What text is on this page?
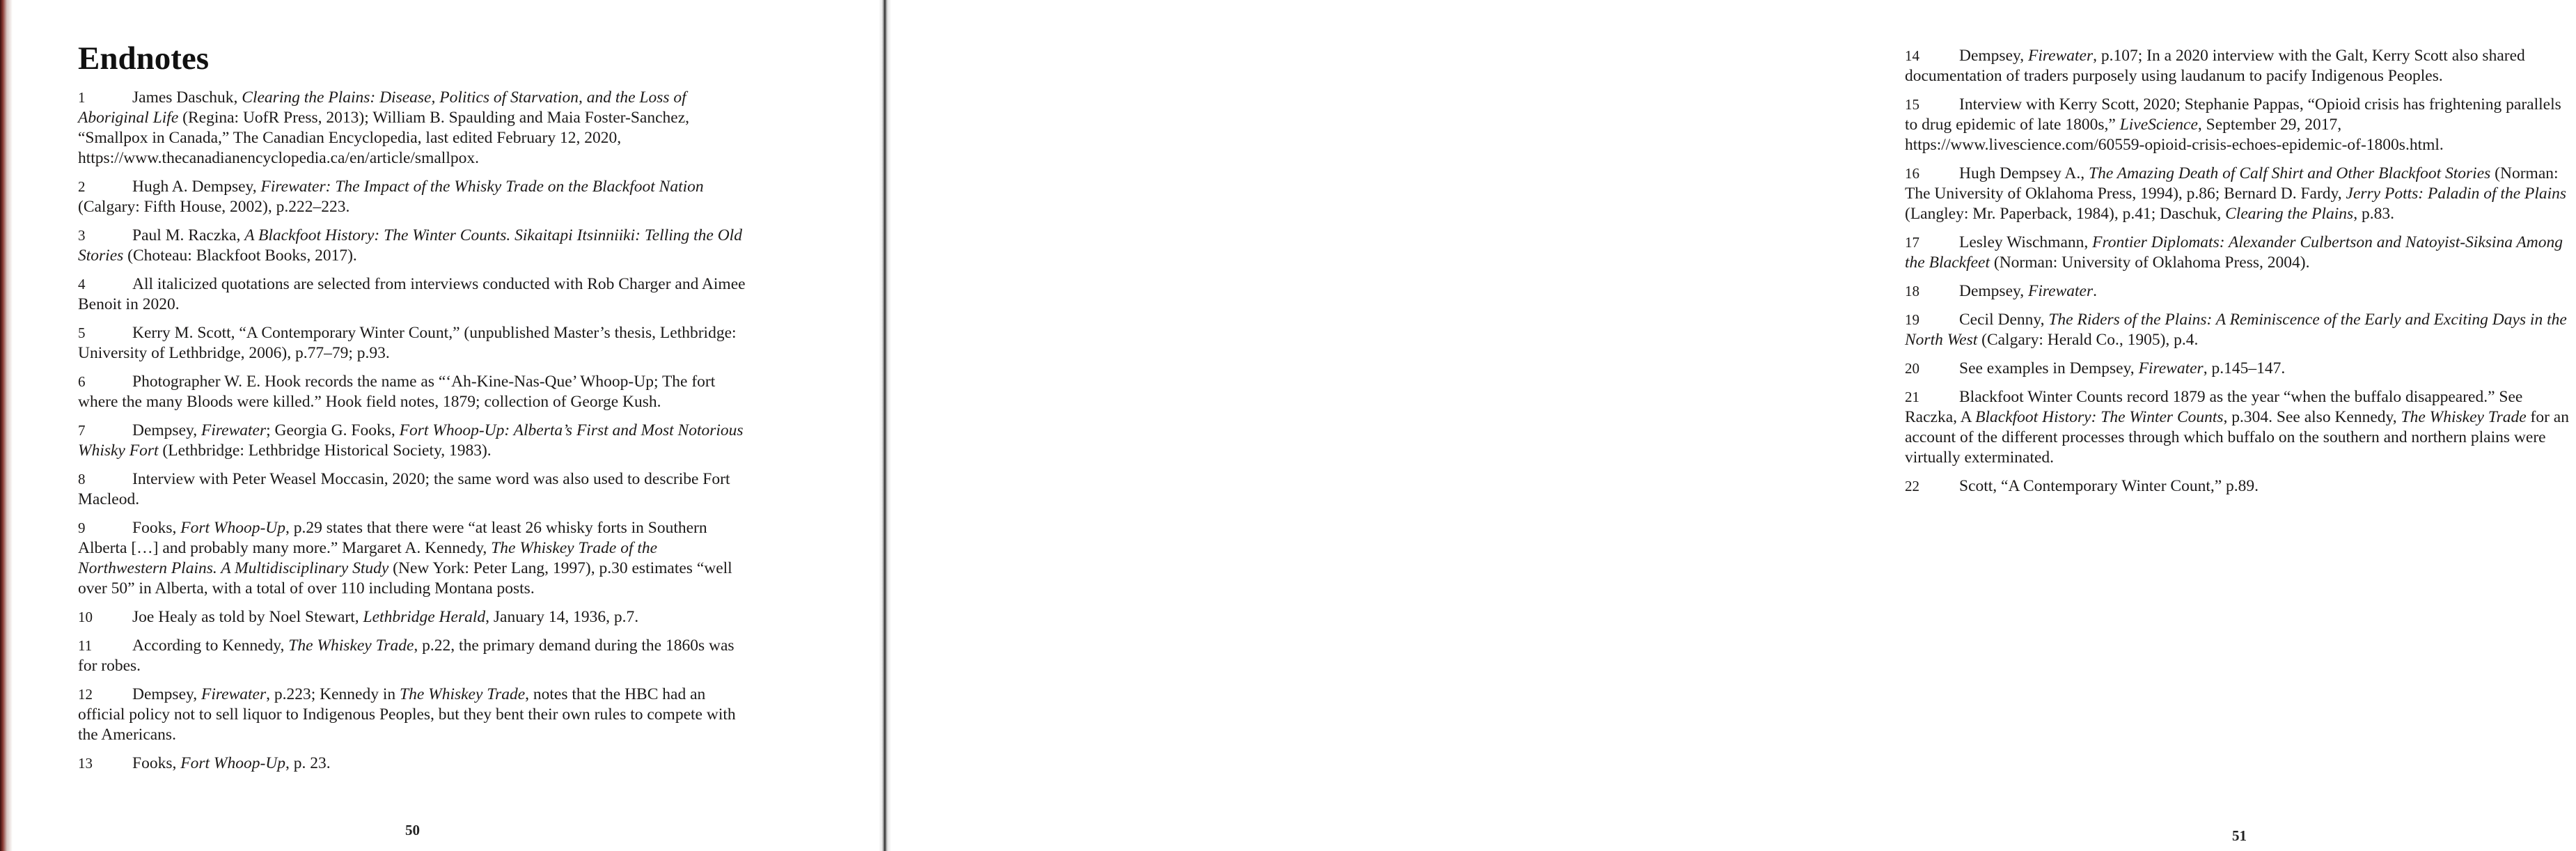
Endnotes

1	James Daschuk, Clearing the Plains: Disease, Politics of Starvation, and the Loss of Aboriginal Life (Regina: UofR Press, 2013); William B. Spaulding and Maia Foster-Sanchez, “Smallpox in Canada,” The Canadian Encyclopedia, last edited February 12, 2020, https://www.thecanadianencyclopedia.ca/en/article/smallpox.

2	Hugh A. Dempsey, Firewater: The Impact of the Whisky Trade on the Blackfoot Nation (Calgary: Fifth House, 2002), p.222–223.

3	Paul M. Raczka, A Blackfoot History: The Winter Counts. Sikaitapi Itsinniiki: Telling the Old Stories (Choteau: Blackfoot Books, 2017).

4	All italicized quotations are selected from interviews conducted with Rob Charger and Aimee Benoit in 2020.

5	Kerry M. Scott, “A Contemporary Winter Count,” (unpublished Master’s thesis, Lethbridge: University of Lethbridge, 2006), p.77–79; p.93.

6	Photographer W. E. Hook records the name as “‘Ah-Kine-Nas-Que’ Whoop-Up; The fort where the many Bloods were killed.” Hook field notes, 1879; collection of George Kush.

7	Dempsey, Firewater; Georgia G. Fooks, Fort Whoop-Up: Alberta’s First and Most Notorious Whisky Fort (Lethbridge: Lethbridge Historical Society, 1983).

8	Interview with Peter Weasel Moccasin, 2020; the same word was also used to describe Fort Macleod.

9	Fooks, Fort Whoop-Up, p.29 states that there were “at least 26 whisky forts in Southern Alberta […] and probably many more.” Margaret A. Kennedy, The Whiskey Trade of the Northwestern Plains. A Multidisciplinary Study (New York: Peter Lang, 1997), p.30 estimates “well over 50” in Alberta, with a total of over 110 including Montana posts.

10 Joe Healy as told by Noel Stewart, Lethbridge Herald, January 14, 1936, p.7.

11 According to Kennedy, The Whiskey Trade, p.22, the primary demand during the 1860s was for robes.

12 Dempsey, Firewater, p.223; Kennedy in The Whiskey Trade, notes that the HBC had an official policy not to sell liquor to Indigenous Peoples, but they bent their own rules to compete with the Americans.

13 Fooks, Fort Whoop-Up, p. 23.

50

14 Dempsey, Firewater, p.107; In a 2020 interview with the Galt, Kerry Scott also shared documentation of traders purposely using laudanum to pacify Indigenous Peoples.

15 Interview with Kerry Scott, 2020; Stephanie Pappas, “Opioid crisis has frightening parallels to drug epidemic of late 1800s,” LiveScience, September 29, 2017, https://www.livescience.com/60559-opioid-crisis-echoes-epidemic-of-1800s.html.

16 Hugh Dempsey A., The Amazing Death of Calf Shirt and Other Blackfoot Stories (Norman: The University of Oklahoma Press, 1994), p.86; Bernard D. Fardy, Jerry Potts: Paladin of the Plains (Langley: Mr. Paperback, 1984), p.41; Daschuk, Clearing the Plains, p.83.

17 Lesley Wischmann, Frontier Diplomats: Alexander Culbertson and Natoyist-Siksina Among the Blackfeet (Norman: University of Oklahoma Press, 2004).

18 Dempsey, Firewater.

19 Cecil Denny, The Riders of the Plains: A Reminiscence of the Early and Exciting Days in the North West (Calgary: Herald Co., 1905), p.4.

20 See examples in Dempsey, Firewater, p.145–147.

21 Blackfoot Winter Counts record 1879 as the year “when the buffalo disappeared.” See Raczka, A Blackfoot History: The Winter Counts, p.304. See also Kennedy, The Whiskey Trade for an account of the different processes through which buffalo on the southern and northern plains were virtually exterminated.

22 Scott, “A Contemporary Winter Count,” p.89.

51
